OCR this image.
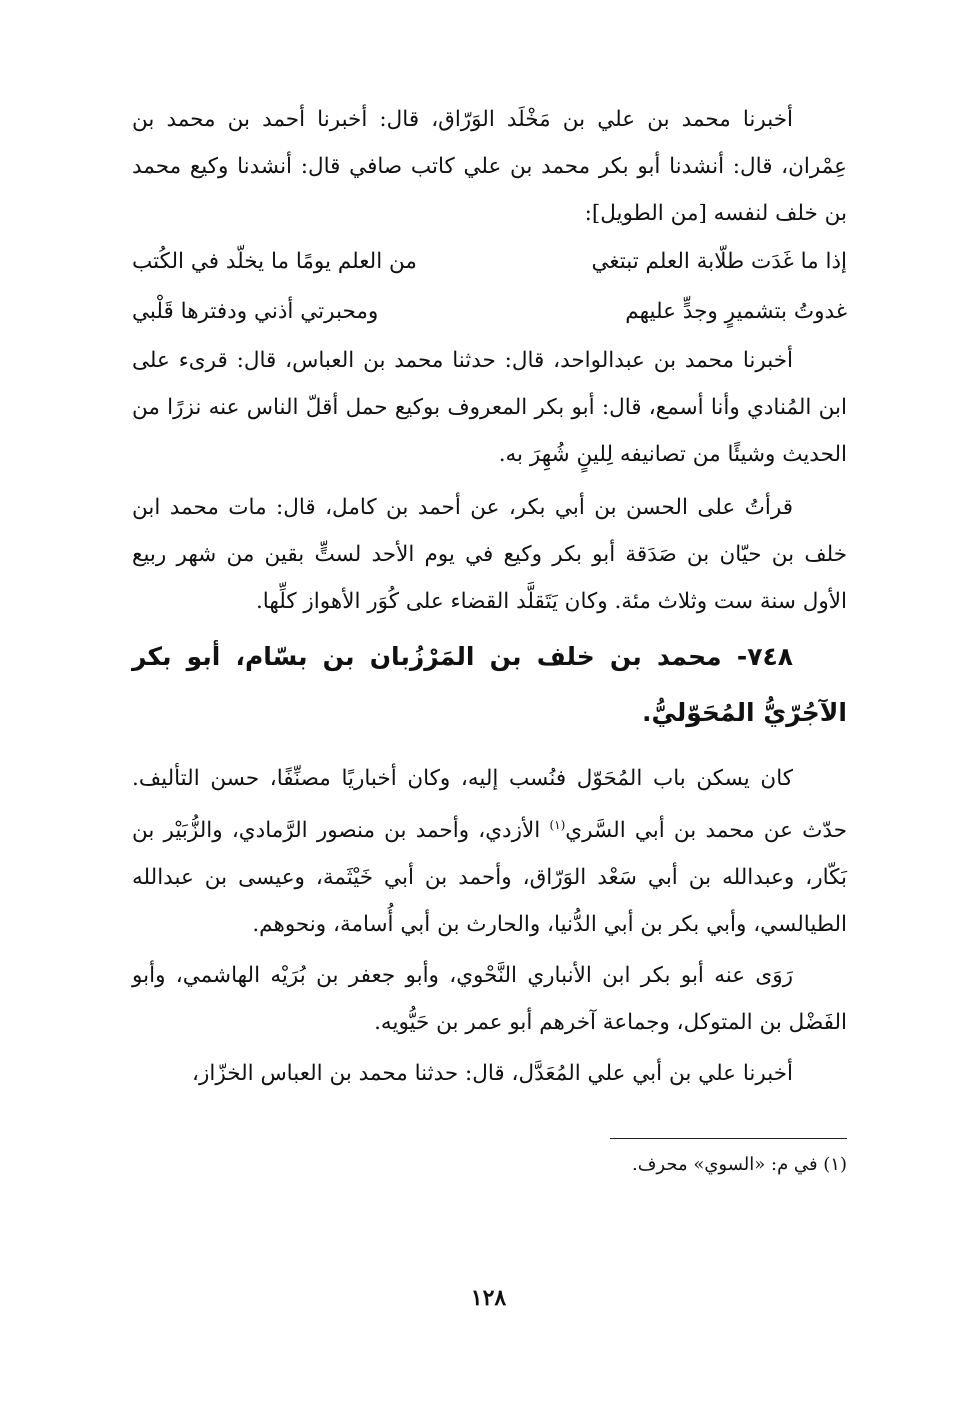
أخبرنا محمد بن علي بن مَخْلَد الوَرّاق، قال: أخبرنا أحمد بن محمد بن عِمْران، قال: أنشدنا أبو بكر محمد بن علي كاتب صافي قال: أنشدنا وكيع محمد بن خلف لنفسه [من الطويل]:

إذا ما غَدَت طلّابة العلم تبتغي
من العلم يومًا ما يخلّد في الكُتب
غدوتُ بتشميرٍ وجدٍّ عليهم
ومحبرتي أذني ودفترها قَلْبي

أخبرنا محمد بن عبدالواحد، قال: حدثنا محمد بن العباس، قال: قرىء على ابن المُنادي وأنا أسمع، قال: أبو بكر المعروف بوكيع حمل أقلّ الناس عنه نزرًا من الحديث وشيئًا من تصانيفه لِلينٍ شُهِرَ به.

قرأتُ على الحسن بن أبي بكر، عن أحمد بن كامل، قال: مات محمد ابن خلف بن حيّان بن صَدَقة أبو بكر وكيع في يوم الأحد لستٍّ بقين من شهر ربيع الأول سنة ست وثلاث مئة. وكان يَتَقلَّد القضاء على كُوَر الأهواز كلِّها.

٧٤٨- محمد بن خلف بن المَرْزُبان بن بسّام، أبو بكر الآجُرّيُّ المُحَوّليُّ.

كان يسكن باب المُحَوّل فنُسب إليه، وكان أخباريًا مصنِّفًا، حسن التأليف. حدّث عن محمد بن أبي السَّري$^{(١)}$ الأزدي، وأحمد بن منصور الرَّمادي، والزُّبَيْر بن بَكّار، وعبدالله بن أبي سَعْد الوَرّاق، وأحمد بن أبي خَيْثَمة، وعيسى بن عبدالله الطيالسي، وأبي بكر بن أبي الدُّنيا، والحارث بن أبي أُسامة، ونحوهم.

رَوَى عنه أبو بكر ابن الأنباري النَّحْوي، وأبو جعفر بن بُرَيْه الهاشمي، وأبو الفَضْل بن المتوكل، وجماعة آخرهم أبو عمر بن حَيُّويه.

أخبرنا علي بن أبي علي المُعَدَّل، قال: حدثنا محمد بن العباس الخزّاز،

(١) في م: «السوي» محرف.
١٢٨
